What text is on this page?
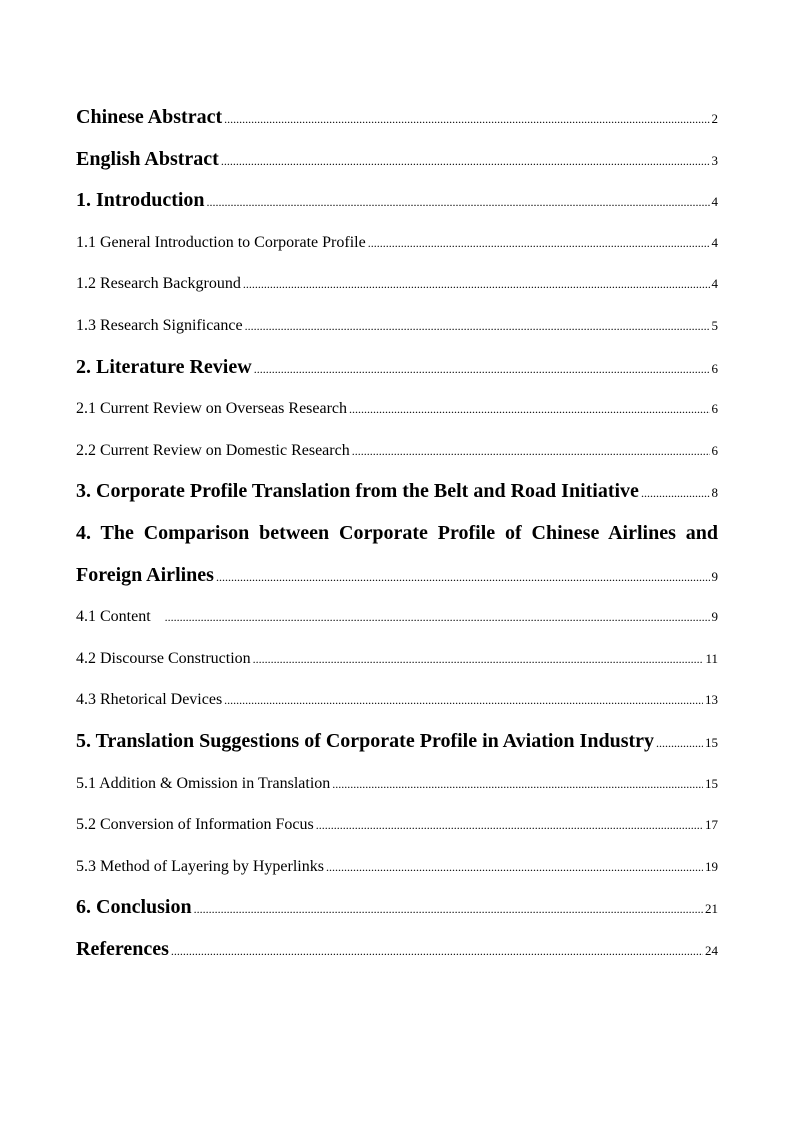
Chinese Abstract .....	2
English Abstract .....	3
1. Introduction .....	4
1.1 General Introduction to Corporate Profile .....	4
1.2 Research Background .....	4
1.3 Research Significance .....	5
2. Literature Review .....	6
2.1 Current Review on Overseas Research .....	6
2.2 Current Review on Domestic Research .....	6
3. Corporate Profile Translation from the Belt and Road Initiative .....	8
4. The Comparison between Corporate Profile of Chinese Airlines and
Foreign Airlines .....	9
4.1 Content .....	9
4.2 Discourse Construction .....	11
4.3 Rhetorical Devices .....	13
5. Translation Suggestions of Corporate Profile in Aviation Industry .....	15
5.1 Addition & Omission in Translation .....	15
5.2 Conversion of Information Focus .....	17
5.3 Method of Layering by Hyperlinks .....	19
6. Conclusion .....	21
References .....	24
